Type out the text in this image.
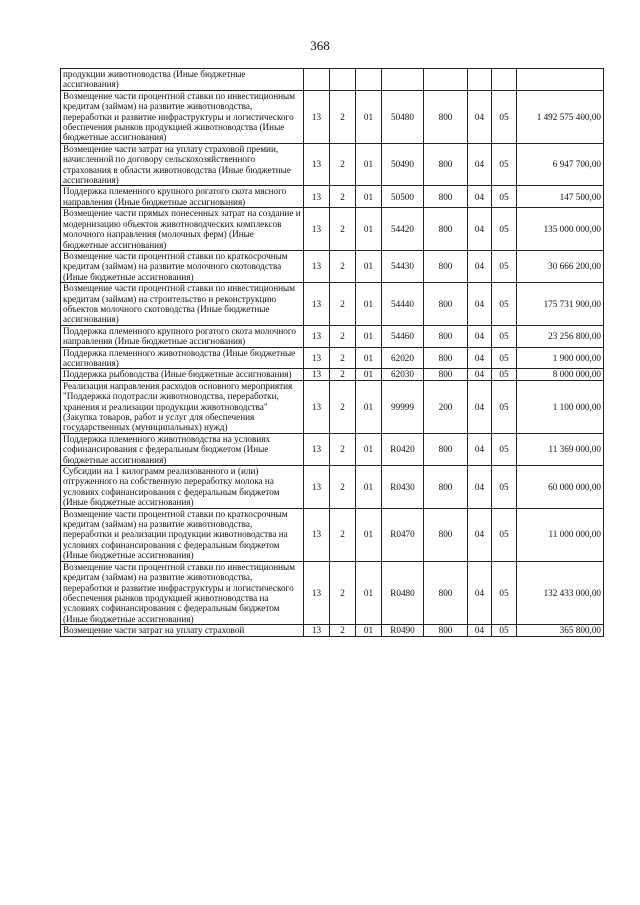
368
продукции животноводства (Иные бюджетные ассигнования)								
Возмещение части процентной ставки по инвестиционным кредитам (займам) на развитие животноводства, переработки и развитие инфраструктуры и логистического обеспечения рынков продукцией животноводства (Иные бюджетные ассигнования)	13	2	01	50480	800	04	05	1 492 575 400,00
Возмещение части затрат на уплату страховой премии, начисленной по договору сельскохозяйственного страхования в области животноводства (Иные бюджетные ассигнования)	13	2	01	50490	800	04	05	6 947 700,00
Поддержка племенного крупного рогатого скота мясного направления (Иные бюджетные ассигнования)	13	2	01	50500	800	04	05	147 500,00
Возмещение части прямых понесенных затрат на создание и модернизацию объектов животноводческих комплексов молочного направления (молочных ферм) (Иные бюджетные ассигнования)	13	2	01	54420	800	04	05	135 000 000,00
Возмещение части процентной ставки по краткосрочным кредитам (займам) на развитие молочного скотоводства (Иные бюджетные ассигнования)	13	2	01	54430	800	04	05	30 666 200,00
Возмещение части процентной ставки по инвестиционным кредитам (займам) на строительство и реконструкцию объектов молочного скотоводства (Иные бюджетные ассигнования)	13	2	01	54440	800	04	05	175 731 900,00
Поддержка племенного крупного рогатого скота молочного направления (Иные бюджетные ассигнования)	13	2	01	54460	800	04	05	23 256 800,00
Поддержка племенного животноводства (Иные бюджетные ассигнования)	13	2	01	62020	800	04	05	1 900 000,00
Поддержка рыбоводства (Иные бюджетные ассигнования)	13	2	01	62030	800	04	05	8 000 000,00
Реализация направления расходов основного мероприятия "Поддержка подотрасли животноводства, переработки, хранения и реализации продукции животноводства" (Закупка товаров, работ и услуг для обеспечения государственных (муниципальных) нужд)	13	2	01	99999	200	04	05	1 100 000,00
Поддержка племенного животноводства на условиях софинансирования с федеральным бюджетом (Иные бюджетные ассигнования)	13	2	01	R0420	800	04	05	11 369 000,00
Субсидии на 1 килограмм реализованного и (или) отгруженного на собственную переработку молока на условиях софинансирования с федеральным бюджетом (Иные бюджетные ассигнования)	13	2	01	R0430	800	04	05	60 000 000,00
Возмещение части процентной ставки по краткосрочным кредитам (займам) на развитие животноводства, переработки и реализации продукции животноводства на условиях софинансирования с федеральным бюджетом (Иные бюджетные ассигнования)	13	2	01	R0470	800	04	05	11 000 000,00
Возмещение части процентной ставки по инвестиционным кредитам (займам) на развитие животноводства, переработки и развитие инфраструктуры и логистического обеспечения рынков продукцией животноводства на условиях софинансирования с федеральным бюджетом (Иные бюджетные ассигнования)	13	2	01	R0480	800	04	05	132 433 000,00
Возмещение части затрат на уплату страховой	13	2	01	R0490	800	04	05	365 800,00
